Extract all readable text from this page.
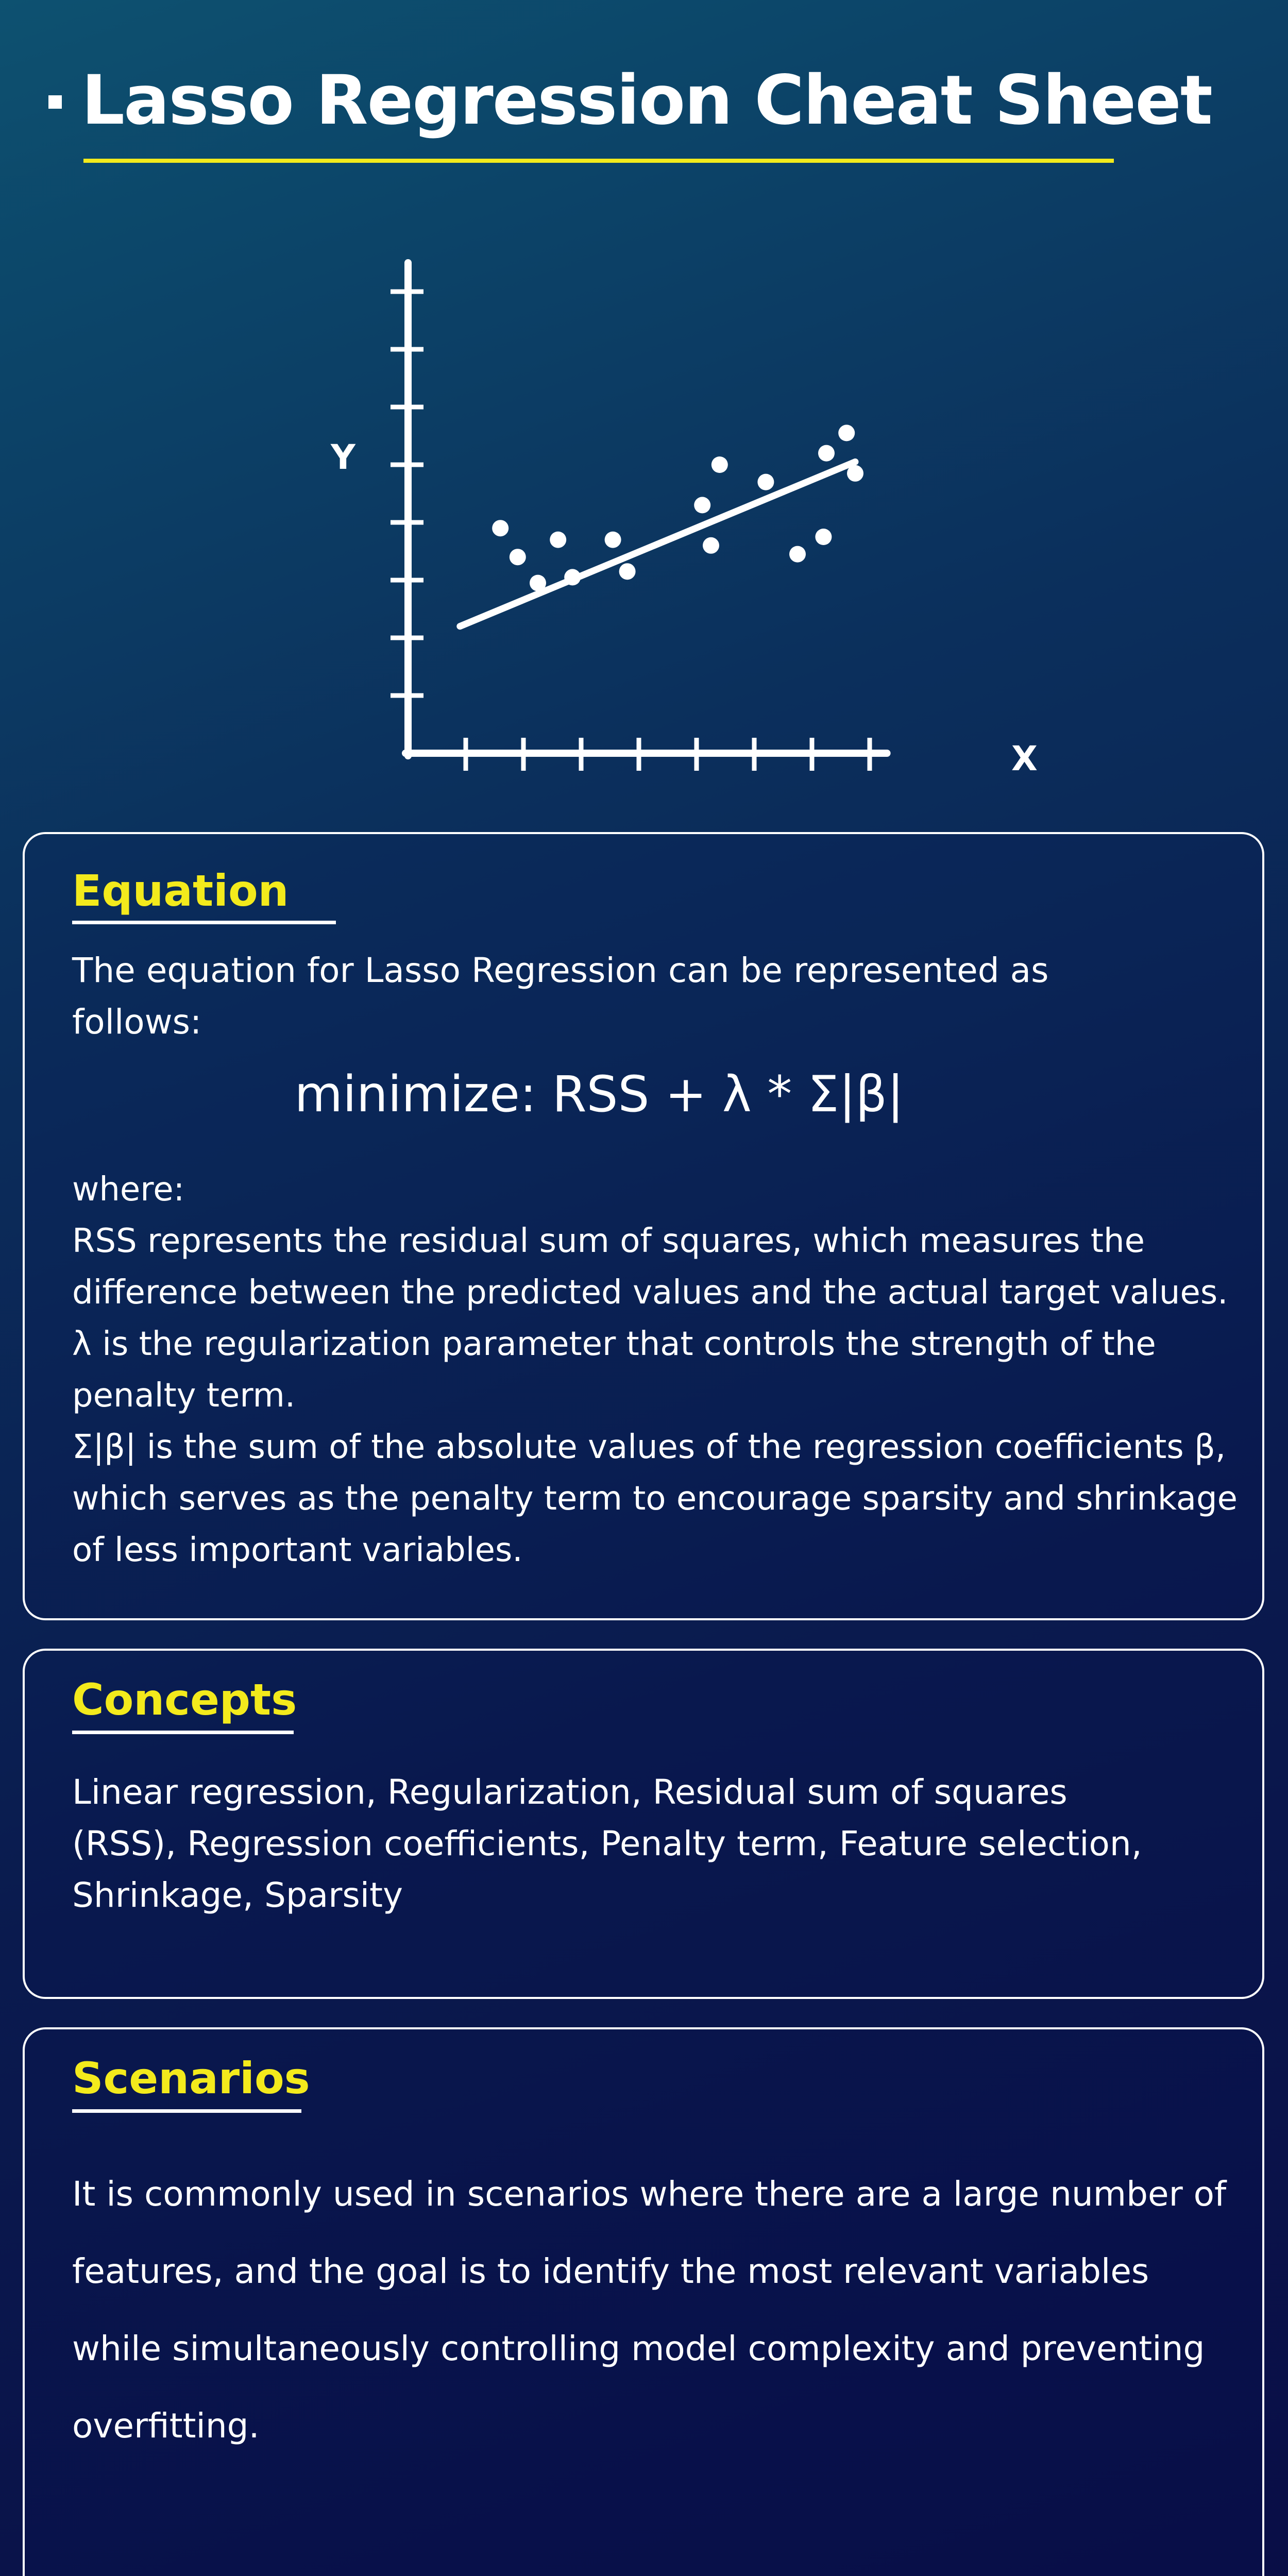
Lasso Regression Cheat Sheet
Y
X
Equation
The equation for Lasso Regression can be represented as follows:
minimize: RSS + λ * Σ|β|
where:
RSS represents the residual sum of squares, which measures the difference between the predicted values and the actual target values.
λ is the regularization parameter that controls the strength of the penalty term.
Σ|β| is the sum of the absolute values of the regression coefficients β, which serves as the penalty term to encourage sparsity and shrinkage of less important variables.
Concepts
Linear regression, Regularization, Residual sum of squares (RSS), Regression coefficients, Penalty term, Feature selection, Shrinkage, Sparsity
Scenarios
It is commonly used in scenarios where there are a large number of features, and the goal is to identify the most relevant variables while simultaneously controlling model complexity and preventing overfitting.
